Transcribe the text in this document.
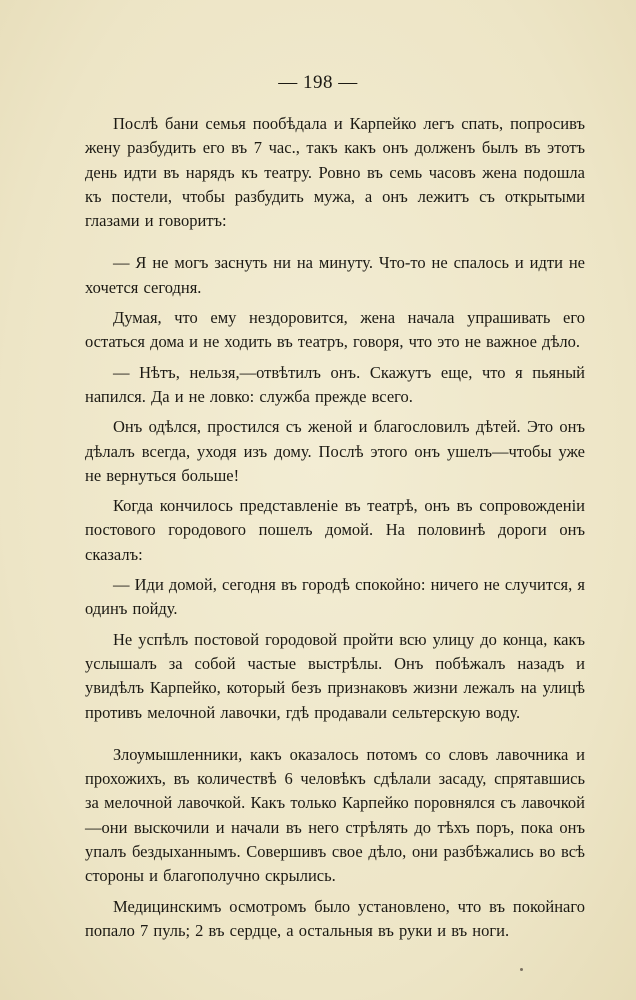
— 198 —

Послѣ бани семья пообѣдала и Карпейко легъ спать, попросивъ жену разбудить его въ 7 час., такъ какъ онъ долженъ былъ въ этотъ день идти въ нарядъ къ театру. Ровно въ семь часовъ жена подошла къ постели, чтобы разбудить мужа, а онъ лежитъ съ открытыми глазами и говоритъ:

— Я не могъ заснуть ни на минуту. Что-то не спалось и идти не хочется сегодня.

Думая, что ему нездоровится, жена начала упрашивать его остаться дома и не ходить въ театръ, говоря, что это не важное дѣло.

— Нѣтъ, нельзя,—отвѣтилъ онъ. Скажутъ еще, что я пьяный напился. Да и не ловко: служба прежде всего.

Онъ одѣлся, простился съ женой и благословилъ дѣтей. Это онъ дѣлалъ всегда, уходя изъ дому. Послѣ этого онъ ушелъ—чтобы уже не вернуться больше!

Когда кончилось представленіе въ театрѣ, онъ въ сопровожденіи постового городового пошелъ домой. На половинѣ дороги онъ сказалъ:

— Иди домой, сегодня въ городѣ спокойно: ничего не случится, я одинъ пойду.

Не успѣлъ постовой городовой пройти всю улицу до конца, какъ услышалъ за собой частые выстрѣлы. Онъ побѣжалъ назадъ и увидѣлъ Карпейко, который безъ признаковъ жизни лежалъ на улицѣ противъ мелочной лавочки, гдѣ продавали сельтерскую воду.

Злоумышленники, какъ оказалось потомъ со словъ лавочника и прохожихъ, въ количествѣ 6 человѣкъ сдѣлали засаду, спрятавшись за мелочной лавочкой. Какъ только Карпейко поровнялся съ лавочкой—они выскочили и начали въ него стрѣлять до тѣхъ поръ, пока онъ упалъ бездыханнымъ. Совершивъ свое дѣло, они разбѣжались во всѣ стороны и благополучно скрылись.

Медицинскимъ осмотромъ было установлено, что въ покойнаго попало 7 пуль; 2 въ сердце, а остальныя въ руки и въ ноги.
